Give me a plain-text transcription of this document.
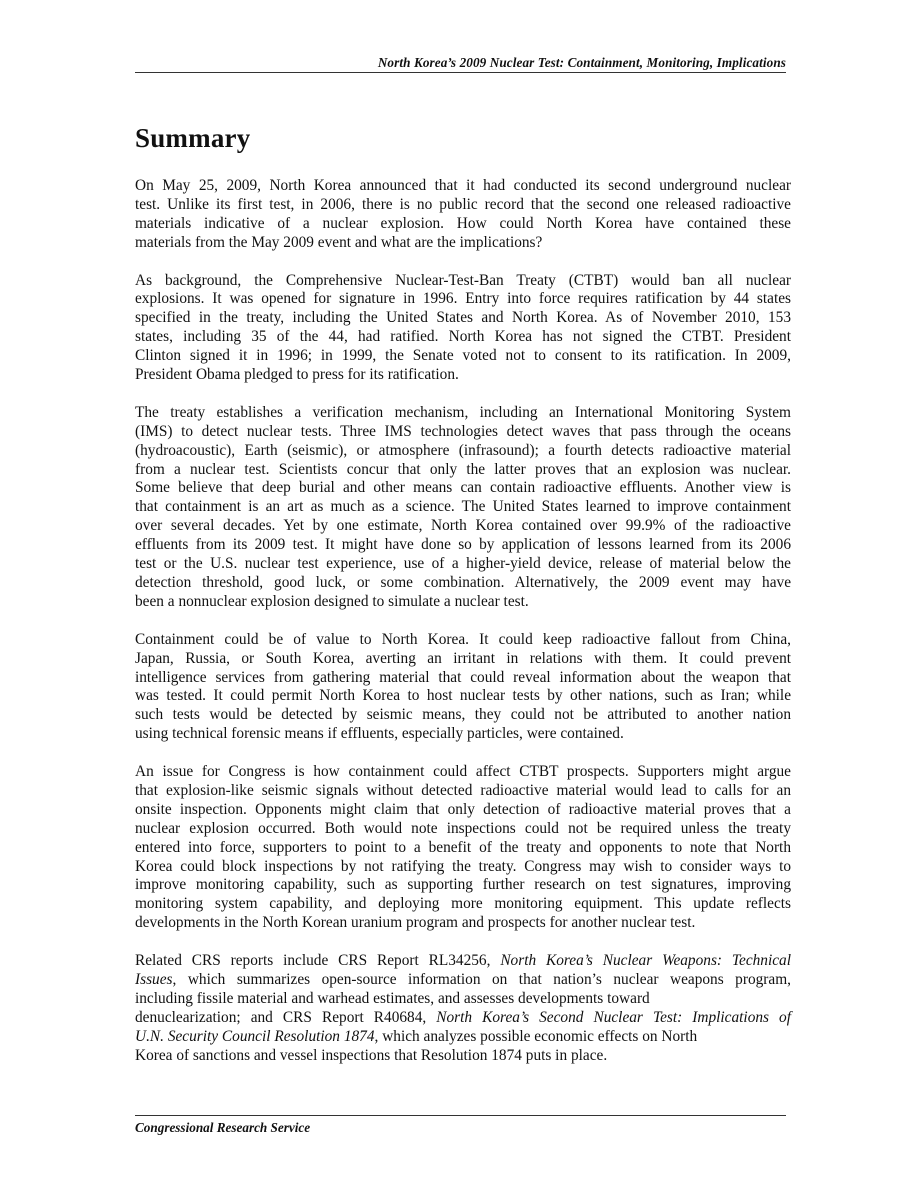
North Korea’s 2009 Nuclear Test: Containment, Monitoring, Implications
Summary

On May 25, 2009, North Korea announced that it had conducted its second underground nuclear
test. Unlike its first test, in 2006, there is no public record that the second one released radioactive
materials indicative of a nuclear explosion. How could North Korea have contained these
materials from the May 2009 event and what are the implications?

As background, the Comprehensive Nuclear-Test-Ban Treaty (CTBT) would ban all nuclear
explosions. It was opened for signature in 1996. Entry into force requires ratification by 44 states
specified in the treaty, including the United States and North Korea. As of November 2010, 153
states, including 35 of the 44, had ratified. North Korea has not signed the CTBT. President
Clinton signed it in 1996; in 1999, the Senate voted not to consent to its ratification. In 2009,
President Obama pledged to press for its ratification.

The treaty establishes a verification mechanism, including an International Monitoring System
(IMS) to detect nuclear tests. Three IMS technologies detect waves that pass through the oceans
(hydroacoustic), Earth (seismic), or atmosphere (infrasound); a fourth detects radioactive material
from a nuclear test. Scientists concur that only the latter proves that an explosion was nuclear.
Some believe that deep burial and other means can contain radioactive effluents. Another view is
that containment is an art as much as a science. The United States learned to improve containment
over several decades. Yet by one estimate, North Korea contained over 99.9% of the radioactive
effluents from its 2009 test. It might have done so by application of lessons learned from its 2006
test or the U.S. nuclear test experience, use of a higher-yield device, release of material below the
detection threshold, good luck, or some combination. Alternatively, the 2009 event may have
been a nonnuclear explosion designed to simulate a nuclear test.

Containment could be of value to North Korea. It could keep radioactive fallout from China,
Japan, Russia, or South Korea, averting an irritant in relations with them. It could prevent
intelligence services from gathering material that could reveal information about the weapon that
was tested. It could permit North Korea to host nuclear tests by other nations, such as Iran; while
such tests would be detected by seismic means, they could not be attributed to another nation
using technical forensic means if effluents, especially particles, were contained.

An issue for Congress is how containment could affect CTBT prospects. Supporters might argue
that explosion-like seismic signals without detected radioactive material would lead to calls for an
onsite inspection. Opponents might claim that only detection of radioactive material proves that a
nuclear explosion occurred. Both would note inspections could not be required unless the treaty
entered into force, supporters to point to a benefit of the treaty and opponents to note that North
Korea could block inspections by not ratifying the treaty. Congress may wish to consider ways to
improve monitoring capability, such as supporting further research on test signatures, improving
monitoring system capability, and deploying more monitoring equipment. This update reflects
developments in the North Korean uranium program and prospects for another nuclear test.

Related CRS reports include CRS Report RL34256, North Korea’s Nuclear Weapons: Technical
Issues, which summarizes open-source information on that nation’s nuclear weapons program,
including fissile material and warhead estimates, and assesses developments toward
denuclearization; and CRS Report R40684, North Korea’s Second Nuclear Test: Implications of
U.N. Security Council Resolution 1874, which analyzes possible economic effects on North
Korea of sanctions and vessel inspections that Resolution 1874 puts in place.

Congressional Research Service
